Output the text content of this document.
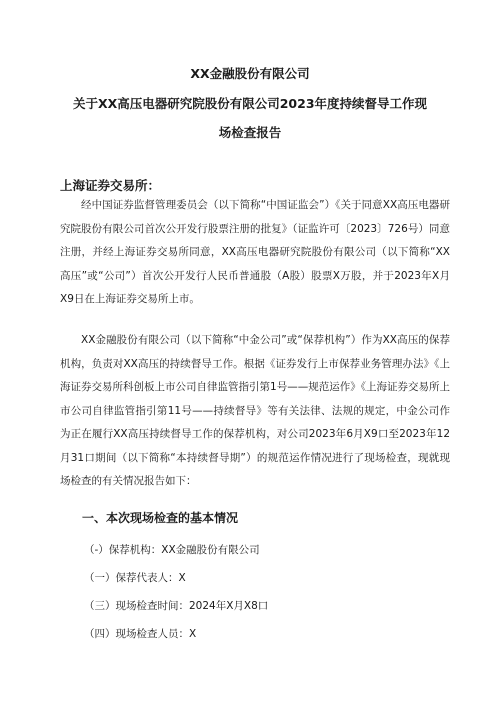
XX金融股份有限公司
关于XX高压电器研究院股份有限公司2023年度持续督导工作现
场检查报告
上海证券交易所：
经中国证券监督管理委员会（以下简称“中国证监会”）《关于同意XX高压电器研究院股份有限公司首次公开发行股票注册的批复》（证监许可〔2023〕726号）同意注册，并经上海证券交易所同意，XX高压电器研究院股份有限公司（以下简称“XX高压”或“公司”）首次公开发行人民币普通股（A股）股票X万股，并于2023年X月X9日在上海证券交易所上市。
XX金融股份有限公司（以下简称“中金公司”或“保荐机构”）作为XX高压的保荐机构，负责对XX高压的持续督导工作。根据《证券发行上市保荐业务管理办法》《上海证券交易所科创板上市公司自律监管指引第1号——规范运作》《上海证券交易所上市公司自律监管指引第11号——持续督导》等有关法律、法规的规定，中金公司作为正在履行XX高压持续督导工作的保荐机构，对公司2023年6月X9口至2023年12月31口期间（以下简称“本持续督导期”）的规范运作情况进行了现场检查，现就现场检查的有关情况报告如下：
一、本次现场检查的基本情况
（-）保荐机构：XX金融股份有限公司
（一）保荐代表人：X
（三）现场检查时间：2024年X月X8口
（四）现场检查人员：X
